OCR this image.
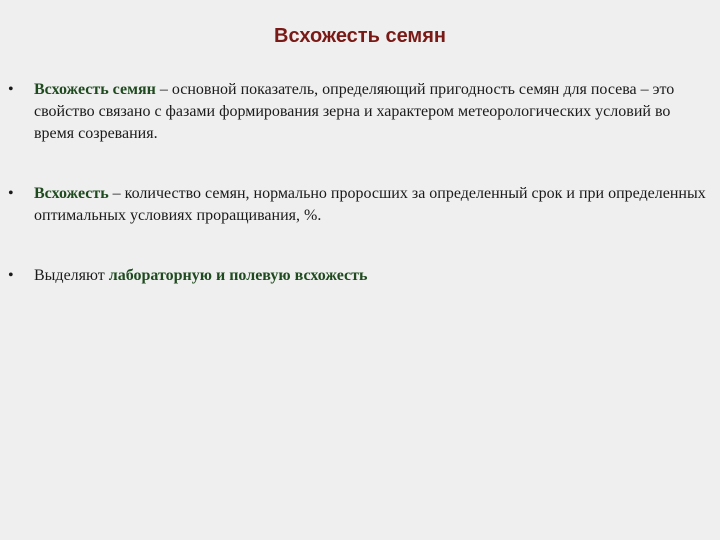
Всхожесть семян
•	Всхожесть семян – основной показатель, определяющий пригодность семян для посева – это свойство связано с фазами формирования зерна и характером метеорологических условий во время созревания.
•	Всхожесть – количество семян, нормально проросших за определенный срок и при определенных оптимальных условиях проращивания, %.
•	Выделяют лабораторную и полевую всхожесть
